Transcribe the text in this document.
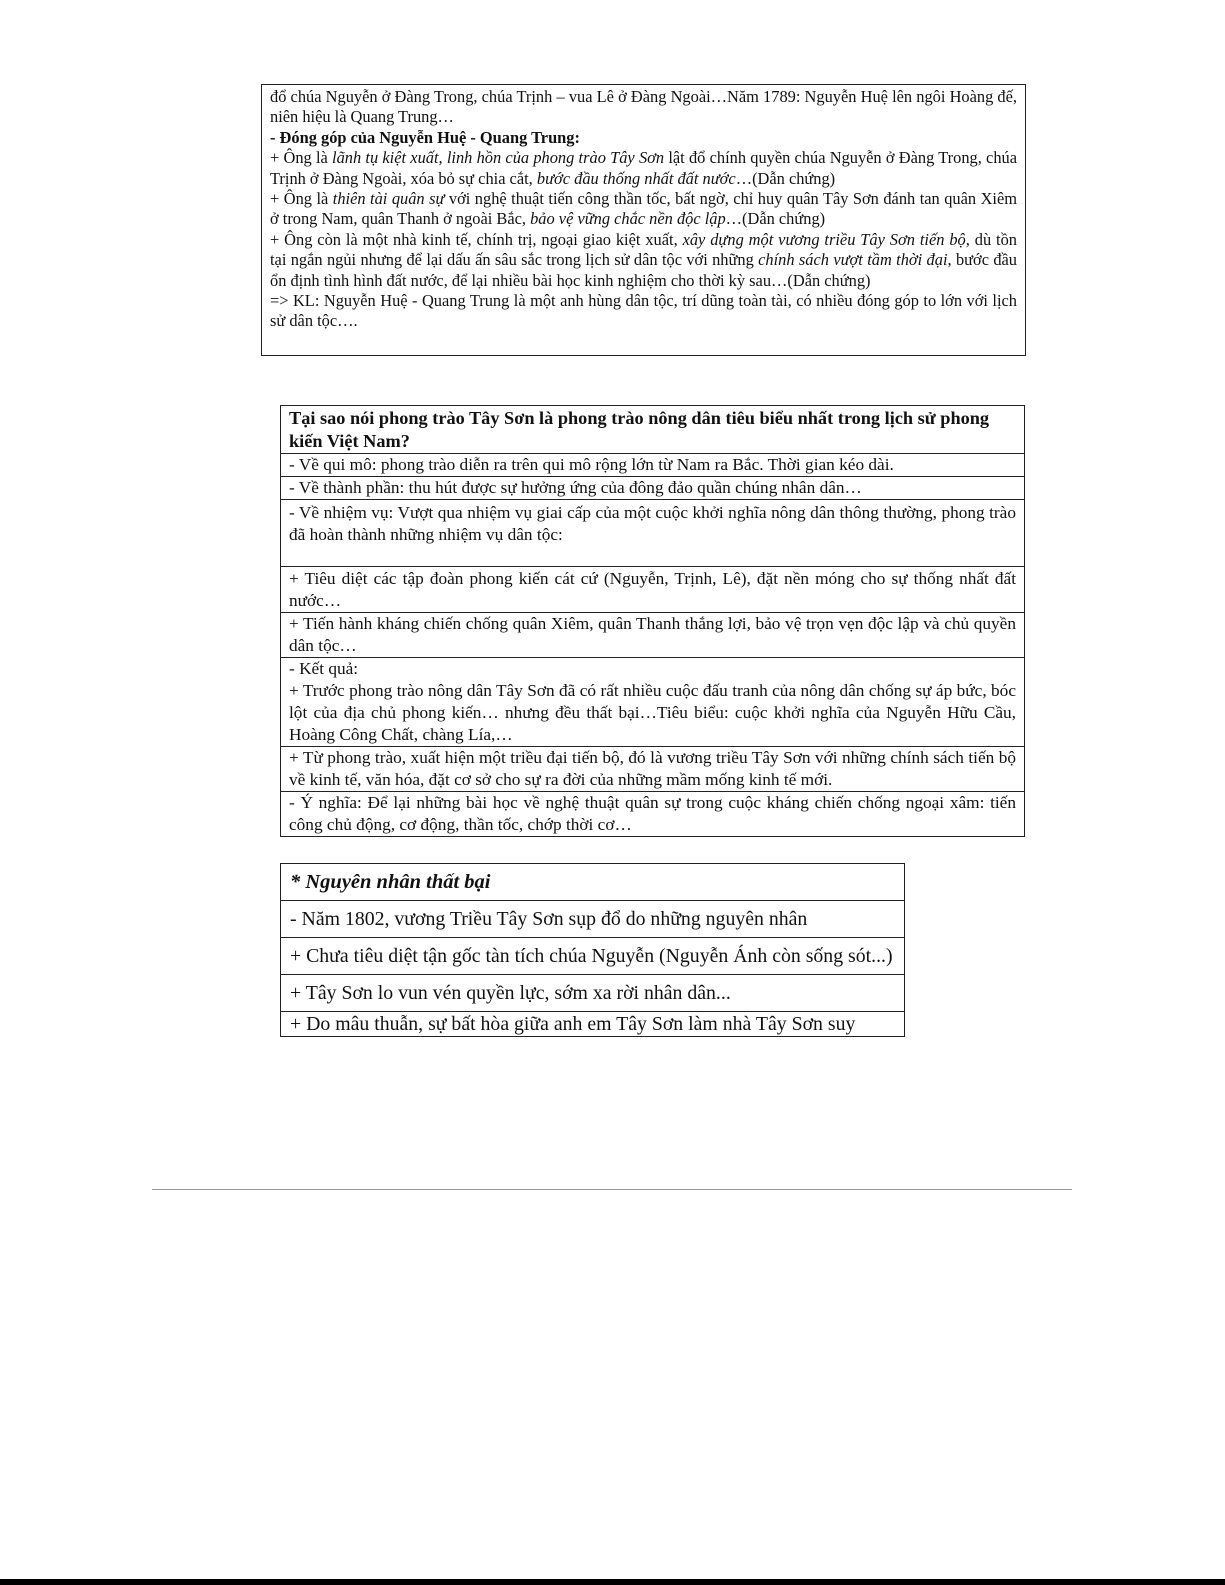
đổ chúa Nguyễn ở Đàng Trong, chúa Trịnh – vua Lê ở Đàng Ngoài…Năm 1789: Nguyễn Huệ lên ngôi Hoàng đế, niên hiệu là Quang Trung…

- Đóng góp của Nguyễn Huệ - Quang Trung:

+ Ông là lãnh tụ kiệt xuất, linh hồn của phong trào Tây Sơn lật đổ chính quyền chúa Nguyễn ở Đàng Trong, chúa Trịnh ở Đàng Ngoài, xóa bỏ sự chia cắt, bước đầu thống nhất đất nước…(Dẫn chứng)

+ Ông là thiên tài quân sự với nghệ thuật tiến công thần tốc, bất ngờ, chỉ huy quân Tây Sơn đánh tan quân Xiêm ở trong Nam, quân Thanh ở ngoài Bắc, bảo vệ vững chắc nền độc lập…(Dẫn chứng)

+ Ông còn là một nhà kinh tế, chính trị, ngoại giao kiệt xuất, xây dựng một vương triều Tây Sơn tiến bộ, dù tồn tại ngắn ngủi nhưng để lại dấu ấn sâu sắc trong lịch sử dân tộc với những chính sách vượt tầm thời đại, bước đầu ổn định tình hình đất nước, để lại nhiều bài học kinh nghiệm cho thời kỳ sau…(Dẫn chứng)

=> KL: Nguyễn Huệ - Quang Trung là một anh hùng dân tộc, trí dũng toàn tài, có nhiều đóng góp to lớn với lịch sử dân tộc….

Tại sao nói phong trào Tây Sơn là phong trào nông dân tiêu biểu nhất trong lịch sử phong kiến Việt Nam?
- Về qui mô: phong trào diễn ra trên qui mô rộng lớn từ Nam ra Bắc. Thời gian kéo dài.
- Về thành phần: thu hút được sự hưởng ứng của đông đảo quần chúng nhân dân…
- Về nhiệm vụ: Vượt qua nhiệm vụ giai cấp của một cuộc khởi nghĩa nông dân thông thường, phong trào đã hoàn thành những nhiệm vụ dân tộc:
+ Tiêu diệt các tập đoàn phong kiến cát cứ (Nguyễn, Trịnh, Lê), đặt nền móng cho sự thống nhất đất nước…
+ Tiến hành kháng chiến chống quân Xiêm, quân Thanh thắng lợi, bảo vệ trọn vẹn độc lập và chủ quyền dân tộc…

- Kết quả:
+ Trước phong trào nông dân Tây Sơn đã có rất nhiều cuộc đấu tranh của nông dân chống sự áp bức, bóc lột của địa chủ phong kiến… nhưng đều thất bại…Tiêu biểu: cuộc khởi nghĩa của Nguyễn Hữu Cầu, Hoàng Công Chất, chàng Lía,…

+ Từ phong trào, xuất hiện một triều đại tiến bộ, đó là vương triều Tây Sơn với những chính sách tiến bộ về kinh tế, văn hóa, đặt cơ sở cho sự ra đời của những mầm mống kinh tế mới.
- Ý nghĩa: Để lại những bài học về nghệ thuật quân sự trong cuộc kháng chiến chống ngoại xâm: tiến công chủ động, cơ động, thần tốc, chớp thời cơ…
* Nguyên nhân thất bại
- Năm 1802, vương Triều Tây Sơn sụp đổ do những nguyên nhân
+ Chưa tiêu diệt tận gốc tàn tích chúa Nguyễn (Nguyễn Ánh còn sống sót...)
+ Tây Sơn lo vun vén quyền lực, sớm xa rời nhân dân...
+ Do mâu thuẫn, sự bất hòa giữa anh em Tây Sơn làm nhà Tây Sơn suy
